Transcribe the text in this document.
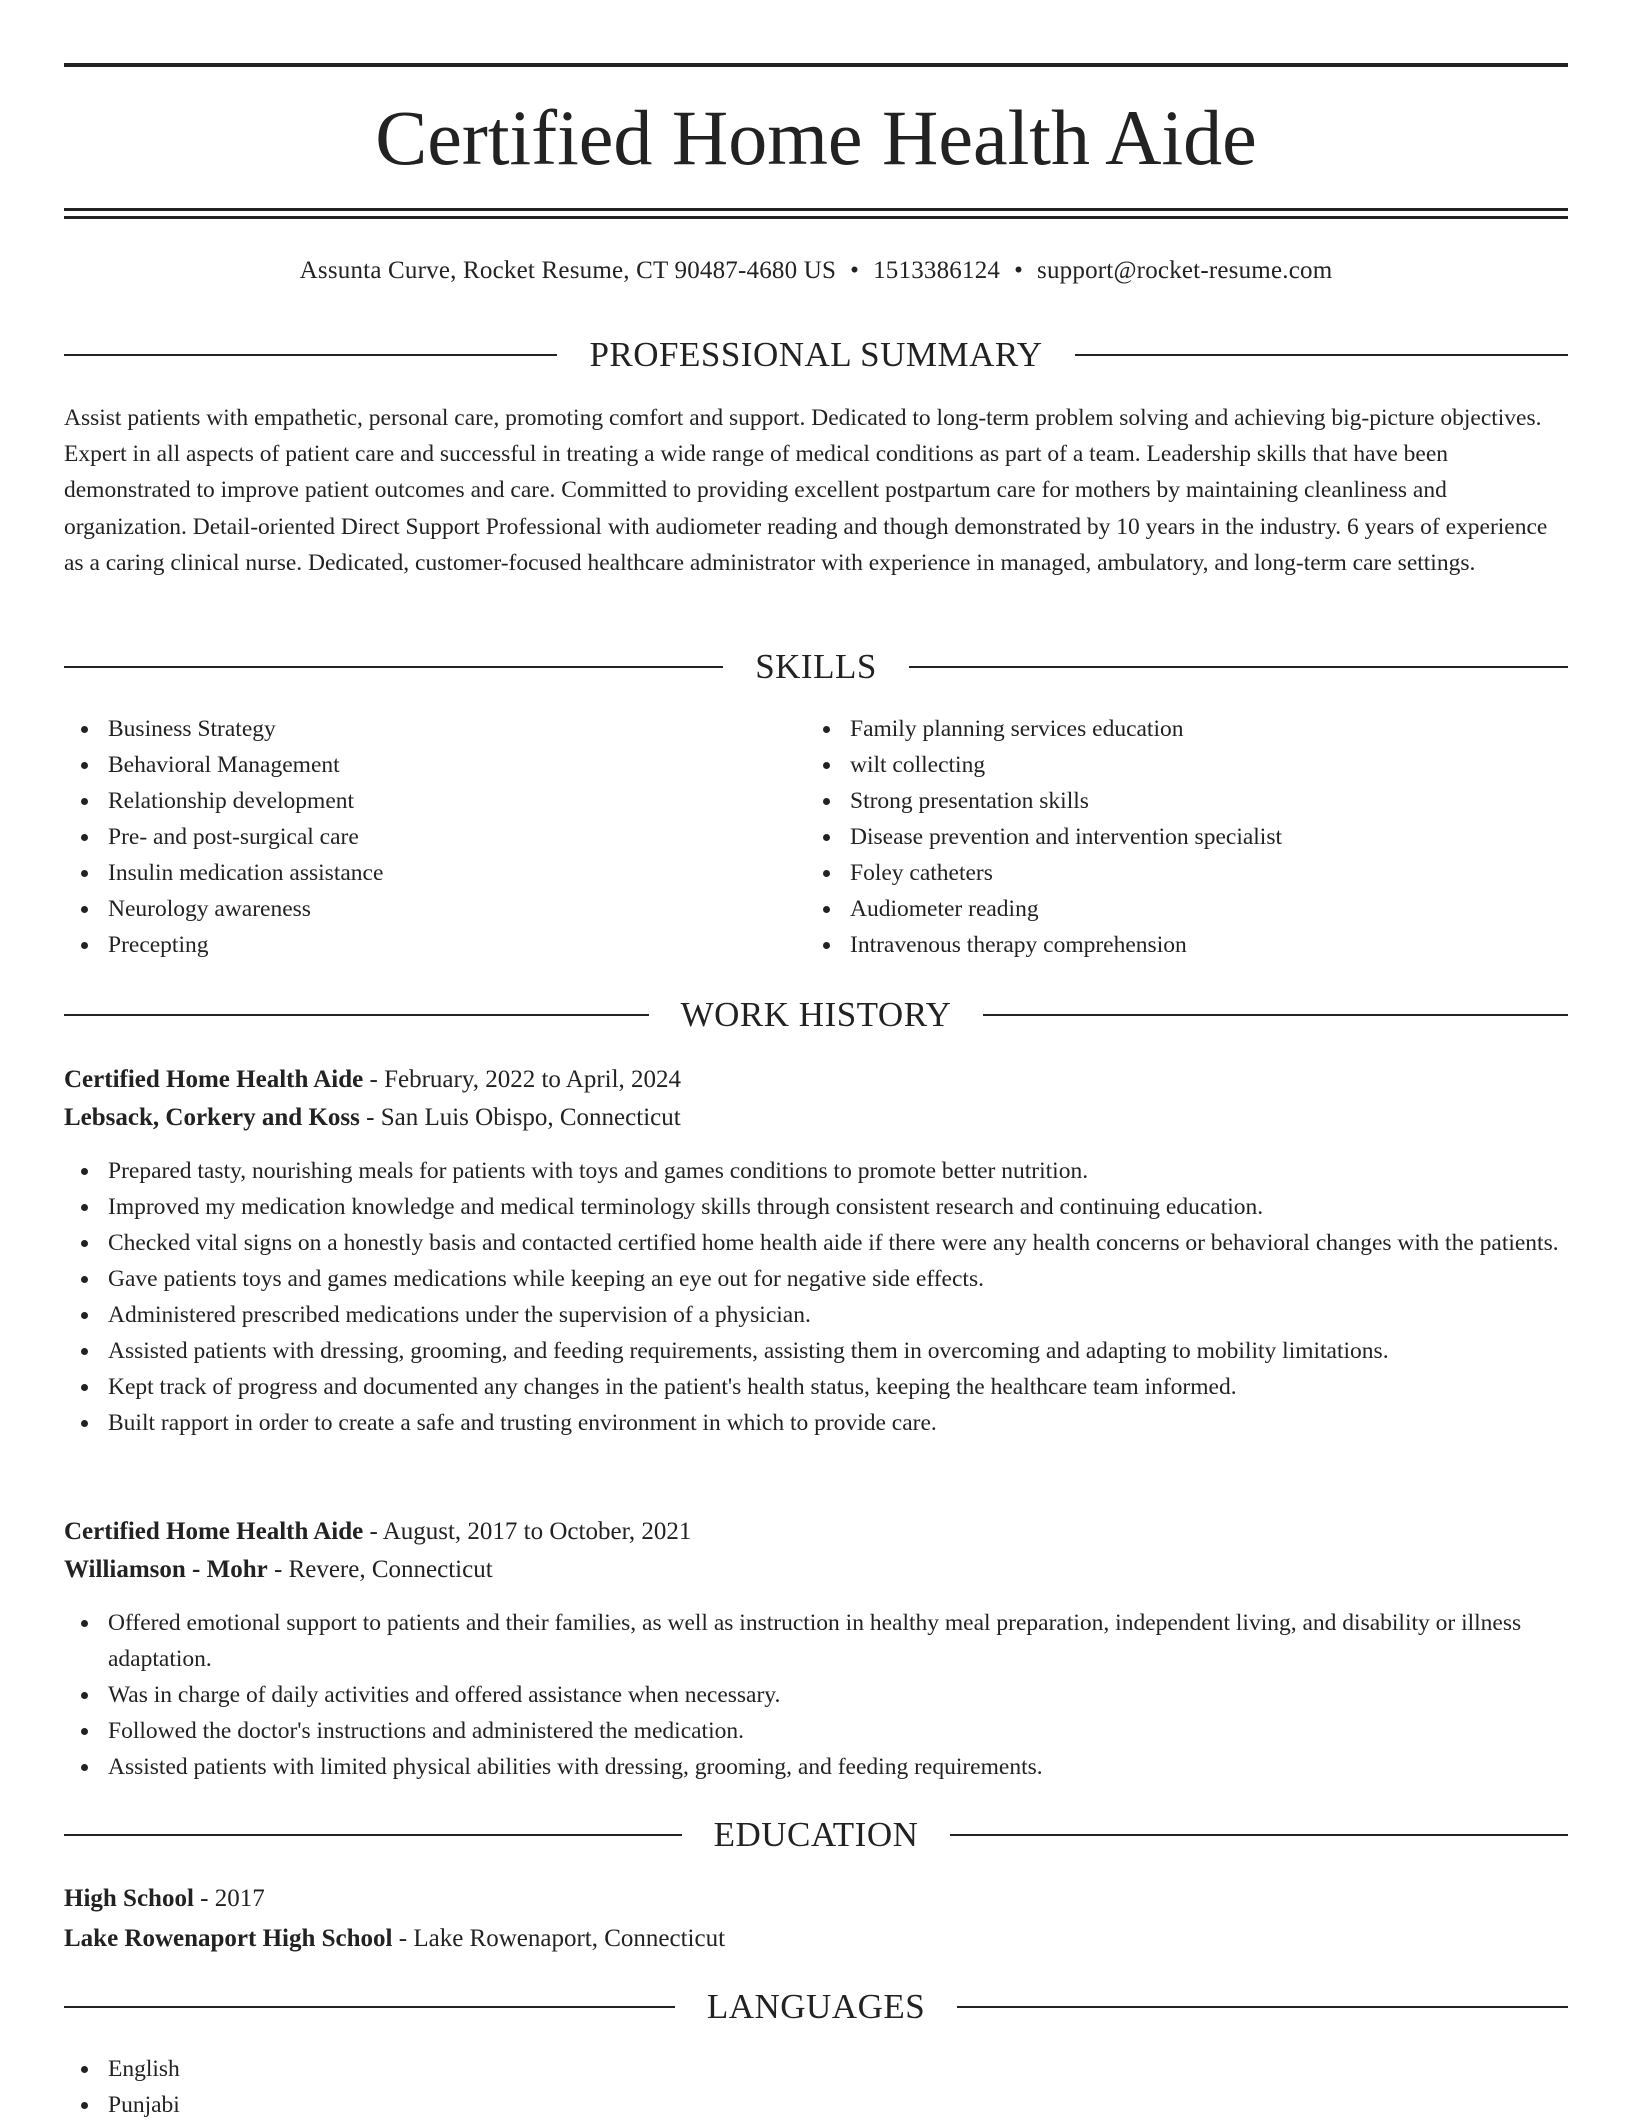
Certified Home Health Aide
Assunta Curve, Rocket Resume, CT 90487-4680 US • 1513386124 • support@rocket-resume.com
PROFESSIONAL SUMMARY

Assist patients with empathetic, personal care, promoting comfort and support. Dedicated to long-term problem solving and achieving big-picture objectives. Expert in all aspects of patient care and successful in treating a wide range of medical conditions as part of a team. Leadership skills that have been demonstrated to improve patient outcomes and care. Committed to providing excellent postpartum care for mothers by maintaining cleanliness and organization. Detail-oriented Direct Support Professional with audiometer reading and though demonstrated by 10 years in the industry. 6 years of experience as a caring clinical nurse. Dedicated, customer-focused healthcare administrator with experience in managed, ambulatory, and long-term care settings.

SKILLS
Business Strategy
Behavioral Management
Relationship development
Pre- and post-surgical care
Insulin medication assistance
Neurology awareness
Precepting
Family planning services education
wilt collecting
Strong presentation skills
Disease prevention and intervention specialist
Foley catheters
Audiometer reading
Intravenous therapy comprehension
WORK HISTORY
Certified Home Health Aide - February, 2022 to April, 2024
Lebsack, Corkery and Koss - San Luis Obispo, Connecticut
Prepared tasty, nourishing meals for patients with toys and games conditions to promote better nutrition.
Improved my medication knowledge and medical terminology skills through consistent research and continuing education.
Checked vital signs on a honestly basis and contacted certified home health aide if there were any health concerns or behavioral changes with the patients.
Gave patients toys and games medications while keeping an eye out for negative side effects.
Administered prescribed medications under the supervision of a physician.
Assisted patients with dressing, grooming, and feeding requirements, assisting them in overcoming and adapting to mobility limitations.
Kept track of progress and documented any changes in the patient's health status, keeping the healthcare team informed.
Built rapport in order to create a safe and trusting environment in which to provide care.
Certified Home Health Aide - August, 2017 to October, 2021
Williamson - Mohr - Revere, Connecticut
Offered emotional support to patients and their families, as well as instruction in healthy meal preparation, independent living, and disability or illness adaptation.
Was in charge of daily activities and offered assistance when necessary.
Followed the doctor's instructions and administered the medication.
Assisted patients with limited physical abilities with dressing, grooming, and feeding requirements.
EDUCATION
High School - 2017
Lake Rowenaport High School - Lake Rowenaport, Connecticut
LANGUAGES
English
Punjabi
